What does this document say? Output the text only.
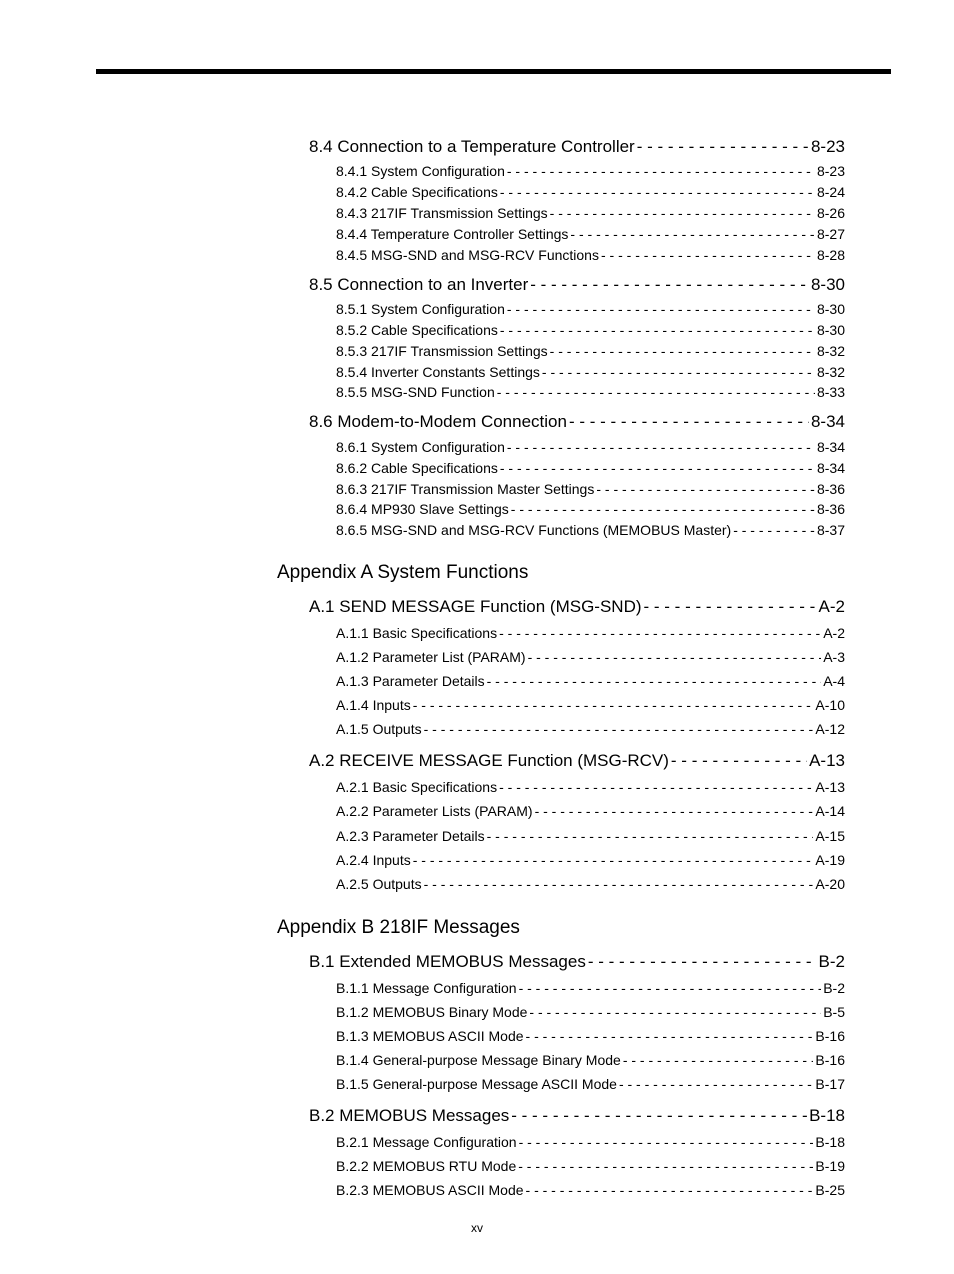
8.4 Connection to a Temperature Controller - - -	8-23
8.4.1 System Configuration - - -	8-23
8.4.2 Cable Specifications - - -	8-24
8.4.3 217IF Transmission Settings - - -	8-26
8.4.4 Temperature Controller Settings - - -	8-27
8.4.5 MSG-SND and MSG-RCV Functions - - -	8-28
8.5 Connection to an Inverter - - -	8-30
8.5.1 System Configuration - - -	8-30
8.5.2 Cable Specifications - - -	8-30
8.5.3 217IF Transmission Settings - - -	8-32
8.5.4 Inverter Constants Settings - - -	8-32
8.5.5 MSG-SND Function - - -	8-33
8.6 Modem-to-Modem Connection - - -	8-34
8.6.1 System Configuration - - -	8-34
8.6.2 Cable Specifications - - -	8-34
8.6.3 217IF Transmission Master Settings - - -	8-36
8.6.4 MP930 Slave Settings - - -	8-36
8.6.5 MSG-SND and MSG-RCV Functions (MEMOBUS Master) - - -	8-37
Appendix A System Functions
A.1 SEND MESSAGE Function (MSG-SND) - - -	A-2
A.1.1 Basic Specifications - - -	A-2
A.1.2 Parameter List (PARAM) - - -	A-3
A.1.3 Parameter Details - - -	A-4
A.1.4 Inputs - - -	A-10
A.1.5 Outputs - - -	A-12
A.2 RECEIVE MESSAGE Function (MSG-RCV) - - -	A-13
A.2.1 Basic Specifications - - -	A-13
A.2.2 Parameter Lists (PARAM) - - -	A-14
A.2.3 Parameter Details - - -	A-15
A.2.4 Inputs - - -	A-19
A.2.5 Outputs - - -	A-20
Appendix B 218IF Messages
B.1 Extended MEMOBUS Messages - - -	B-2
B.1.1 Message Configuration - - -	B-2
B.1.2 MEMOBUS Binary Mode - - -	B-5
B.1.3 MEMOBUS ASCII Mode - - -	B-16
B.1.4 General-purpose Message Binary Mode - - -	B-16
B.1.5 General-purpose Message ASCII Mode - - -	B-17
B.2 MEMOBUS Messages - - -	B-18
B.2.1 Message Configuration - - -	B-18
B.2.2 MEMOBUS RTU Mode - - -	B-19
B.2.3 MEMOBUS ASCII Mode - - -	B-25
xv
